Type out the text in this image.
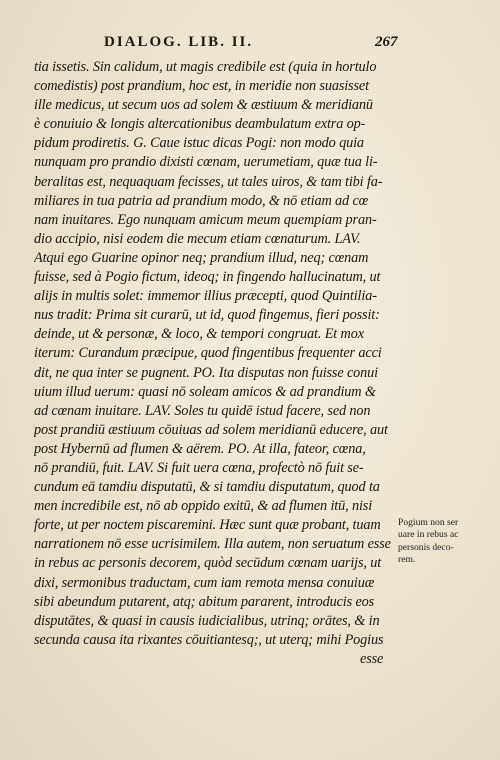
DIALOG. LIB. II.	267
tia issetis. Sin calidum, ut magis credibile est (quia in hortulo
comedistis) post prandium, hoc est, in meridie non suasisset
ille medicus, ut secum uos ad solem & æstiuum & meridianū
è conuiuio & longis altercationibus deambulatum extra op-
pidum prodiretis. G. Caue istuc dicas Pogi: non modo quia
nunquam pro prandio dixisti cœnam, uerumetiam, quæ tua li-
beralitas est, nequaquam fecisses, ut tales uiros, & tam tibi fa-
miliares in tua patria ad prandium modo, & nō etiam ad cœ
nam inuitares. Ego nunquam amicum meum quempiam pran-
dio accipio, nisi eodem die mecum etiam cœnaturum. LAV.
Atqui ego Guarine opinor neq; prandium illud, neq; cœnam
fuisse, sed à Pogio fictum, ideoq; in fingendo hallucinatum, ut
alijs in multis solet: immemor illius præcepti, quod Quintilia-
nus tradit: Prima sit curarū, ut id, quod fingemus, fieri possit:
deinde, ut & personæ, & loco, & tempori congruat. Et mox
iterum: Curandum præcipue, quod fingentibus frequenter acci
dit, ne qua inter se pugnent. PO. Ita disputas non fuisse conui
uium illud uerum: quasi nō soleam amicos & ad prandium &
ad cœnam inuitare. LAV. Soles tu quidē istud facere, sed non
post prandiū æstiuum cōuiuas ad solem meridianū educere, aut
post Hybernū ad flumen & aërem. PO. At illa, fateor, cœna,
nō prandiū, fuit. LAV. Si fuit uera cœna, profectò nō fuit se-
cundum eā tamdiu disputatū, & si tamdiu disputatum, quod ta
men incredibile est, nō ab oppido exitū, & ad flumen itū, nisi
forte, ut per noctem piscaremini. Hæc sunt quæ probant, tuam
narrationem nō esse ucrisimilem. Illa autem, non seruatum esse
in rebus ac personis decorem, quòd secūdum cœnam uarijs, ut
dixi, sermonibus traductam, cum iam remota mensa conuiuæ
sibi abeundum putarent, atq; abitum pararent, introducis eos
disputātes, & quasi in causis iudicialibus, utrinq; orātes, & in
secunda causa ita rixantes cōuitiantesq;, ut uterq; mihi Pogius
esse
Pogium non ser
uare in rebus ac
personis deco-
rem.
